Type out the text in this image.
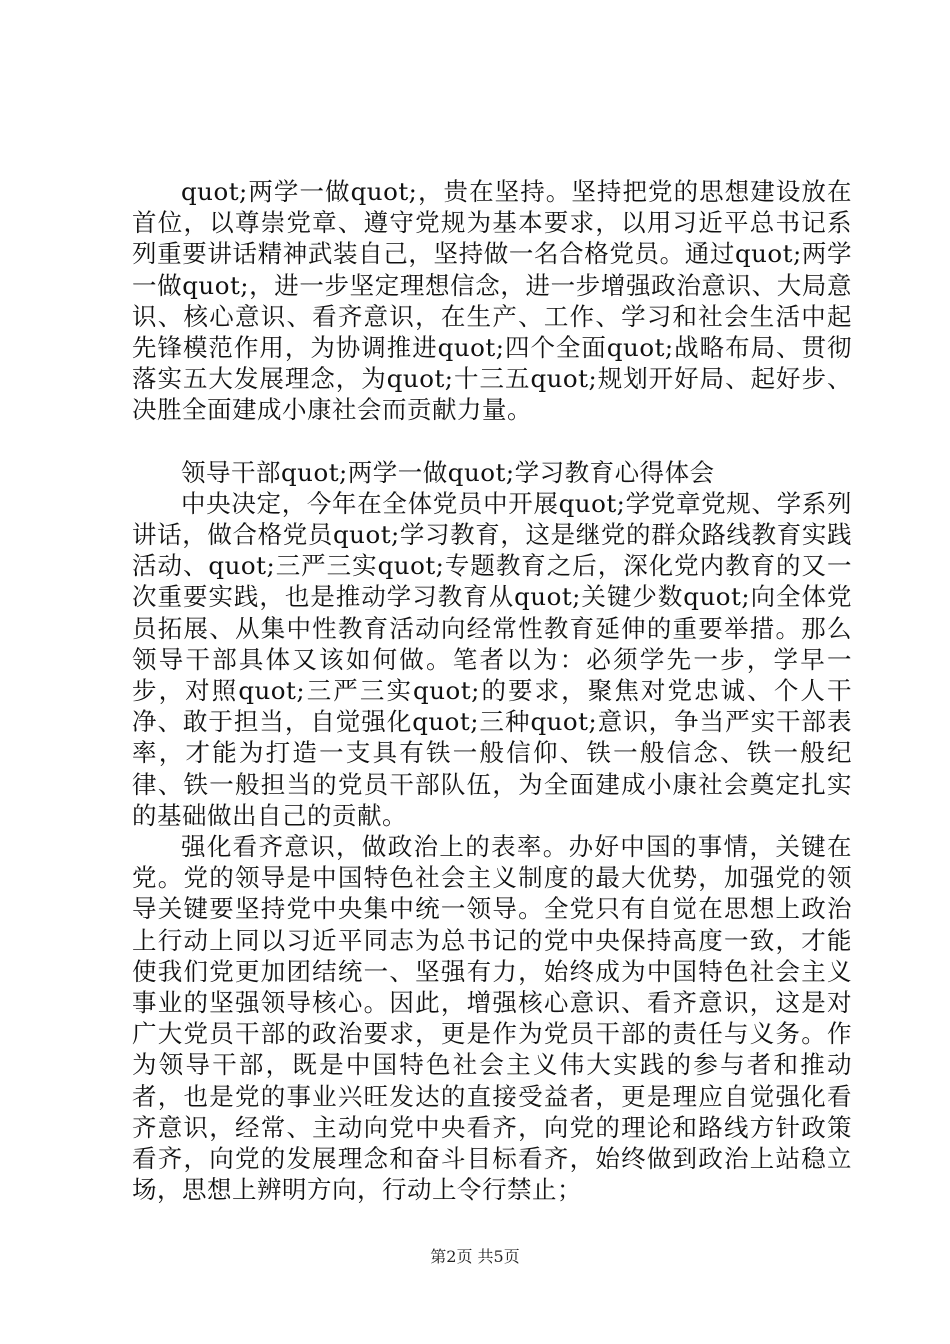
quot;两学一做quot;，贵在坚持。坚持把党的思想建设放在首位，以尊崇党章、遵守党规为基本要求，以用习近平总书记系列重要讲话精神武装自己，坚持做一名合格党员。通过quot;两学一做quot;，进一步坚定理想信念，进一步增强政治意识、大局意识、核心意识、看齐意识，在生产、工作、学习和社会生活中起先锋模范作用，为协调推进quot;四个全面quot;战略布局、贯彻落实五大发展理念，为quot;十三五quot;规划开好局、起好步、决胜全面建成小康社会而贡献力量。

领导干部quot;两学一做quot;学习教育心得体会

中央决定，今年在全体党员中开展quot;学党章党规、学系列讲话，做合格党员quot;学习教育，这是继党的群众路线教育实践活动、quot;三严三实quot;专题教育之后，深化党内教育的又一次重要实践，也是推动学习教育从quot;关键少数quot;向全体党员拓展、从集中性教育活动向经常性教育延伸的重要举措。那么领导干部具体又该如何做。笔者以为：必须学先一步，学早一步，对照quot;三严三实quot;的要求，聚焦对党忠诚、个人干净、敢于担当，自觉强化quot;三种quot;意识，争当严实干部表率，才能为打造一支具有铁一般信仰、铁一般信念、铁一般纪律、铁一般担当的党员干部队伍，为全面建成小康社会奠定扎实的基础做出自己的贡献。

强化看齐意识，做政治上的表率。办好中国的事情，关键在党。党的领导是中国特色社会主义制度的最大优势，加强党的领导关键要坚持党中央集中统一领导。全党只有自觉在思想上政治上行动上同以习近平同志为总书记的党中央保持高度一致，才能使我们党更加团结统一、坚强有力，始终成为中国特色社会主义事业的坚强领导核心。因此，增强核心意识、看齐意识，这是对广大党员干部的政治要求，更是作为党员干部的责任与义务。作为领导干部，既是中国特色社会主义伟大实践的参与者和推动者，也是党的事业兴旺发达的直接受益者，更是理应自觉强化看齐意识，经常、主动向党中央看齐，向党的理论和路线方针政策看齐，向党的发展理念和奋斗目标看齐，始终做到政治上站稳立场，思想上辨明方向，行动上令行禁止；

第2页 共5页
